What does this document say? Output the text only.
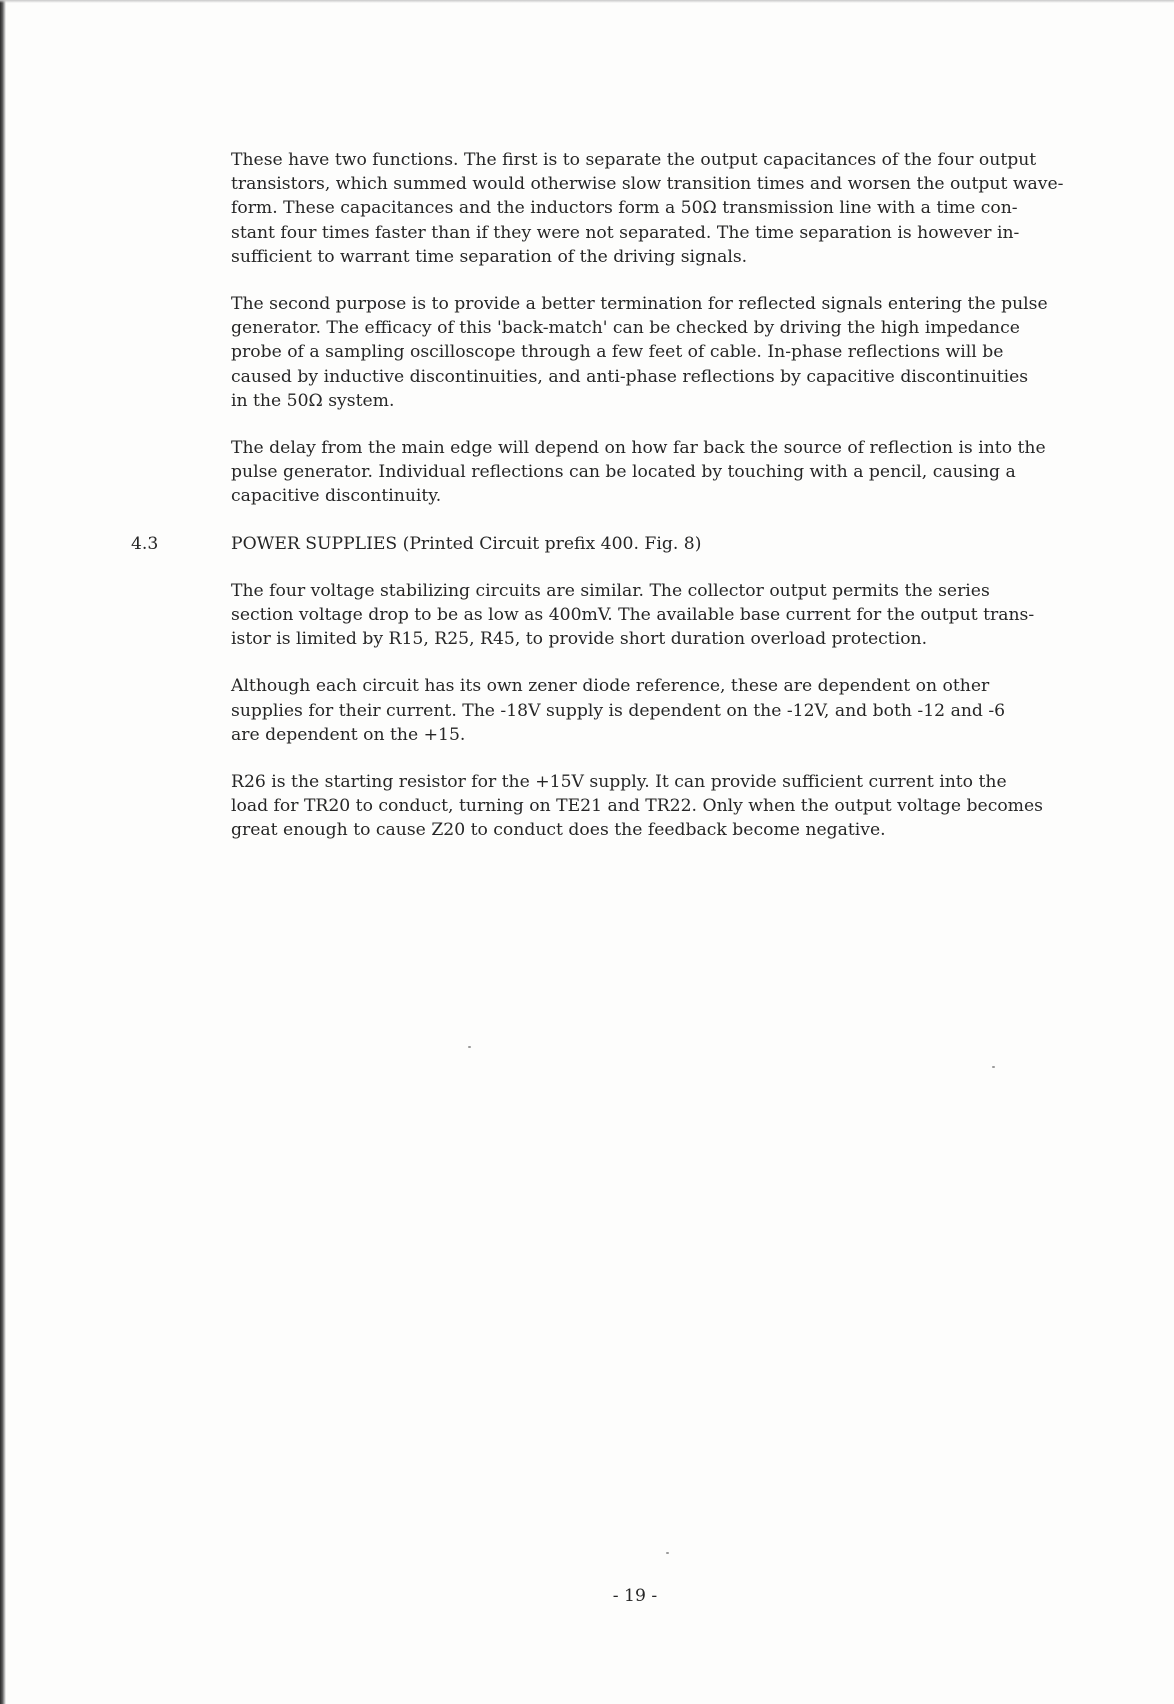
These have two functions. The first is to separate the output capacitances of the four output
transistors, which summed would otherwise slow transition times and worsen the output wave-
form. These capacitances and the inductors form a 50Ω transmission line with a time con-
stant four times faster than if they were not separated. The time separation is however in-
sufficient to warrant time separation of the driving signals.

The second purpose is to provide a better termination for reflected signals entering the pulse
generator. The efficacy of this 'back-match' can be checked by driving the high impedance
probe of a sampling oscilloscope through a few feet of cable. In-phase reflections will be
caused by inductive discontinuities, and anti-phase reflections by capacitive discontinuities
in the 50Ω system.

The delay from the main edge will depend on how far back the source of reflection is into the
pulse generator. Individual reflections can be located by touching with a pencil, causing a
capacitive discontinuity.

4.3	POWER SUPPLIES (Printed Circuit prefix 400. Fig. 8)

The four voltage stabilizing circuits are similar. The collector output permits the series
section voltage drop to be as low as 400mV. The available base current for the output trans-
istor is limited by R15, R25, R45, to provide short duration overload protection.

Although each circuit has its own zener diode reference, these are dependent on other
supplies for their current. The -18V supply is dependent on the -12V, and both -12 and -6
are dependent on the +15.

R26 is the starting resistor for the +15V supply. It can provide sufficient current into the
load for TR20 to conduct, turning on TE21 and TR22. Only when the output voltage becomes
great enough to cause Z20 to conduct does the feedback become negative.

- 19 -
